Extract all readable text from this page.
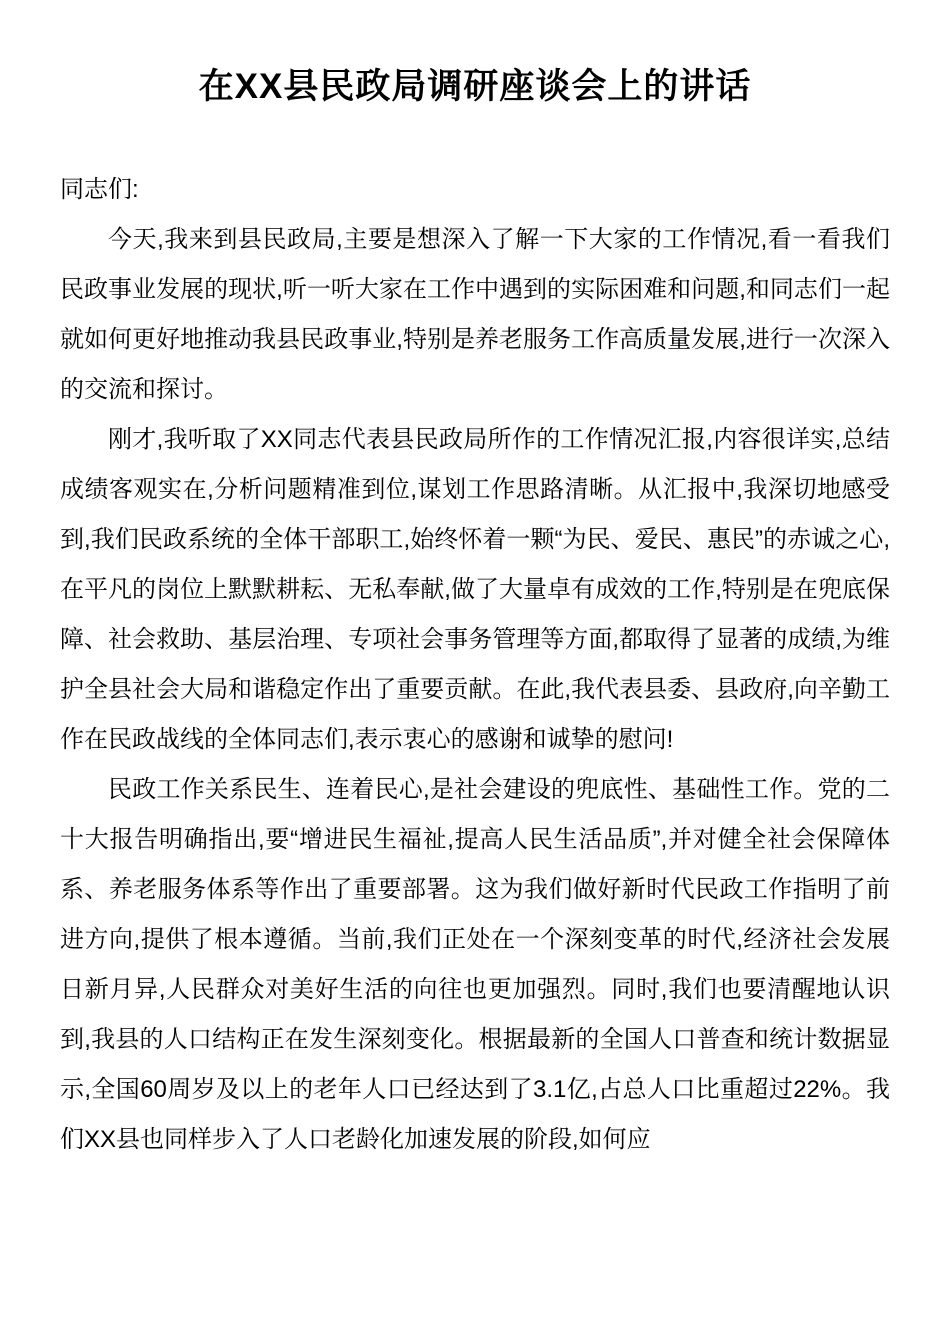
在XX县民政局调研座谈会上的讲话

同志们:

今天,我来到县民政局,主要是想深入了解一下大家的工作情况,看一看我们民政事业发展的现状,听一听大家在工作中遇到的实际困难和问题,和同志们一起就如何更好地推动我县民政事业,特别是养老服务工作高质量发展,进行一次深入的交流和探讨。

刚才,我听取了XX同志代表县民政局所作的工作情况汇报,内容很详实,总结成绩客观实在,分析问题精准到位,谋划工作思路清晰。从汇报中,我深切地感受到,我们民政系统的全体干部职工,始终怀着一颗“为民、爱民、惠民”的赤诚之心,在平凡的岗位上默默耕耘、无私奉献,做了大量卓有成效的工作,特别是在兜底保障、社会救助、基层治理、专项社会事务管理等方面,都取得了显著的成绩,为维护全县社会大局和谐稳定作出了重要贡献。在此,我代表县委、县政府,向辛勤工作在民政战线的全体同志们,表示衷心的感谢和诚挚的慰问!

民政工作关系民生、连着民心,是社会建设的兜底性、基础性工作。党的二十大报告明确指出,要“增进民生福祉,提高人民生活品质”,并对健全社会保障体系、养老服务体系等作出了重要部署。这为我们做好新时代民政工作指明了前进方向,提供了根本遵循。当前,我们正处在一个深刻变革的时代,经济社会发展日新月异,人民群众对美好生活的向往也更加强烈。同时,我们也要清醒地认识到,我县的人口结构正在发生深刻变化。根据最新的全国人口普查和统计数据显示,全国60周岁及以上的老年人口已经达到了3.1亿,占总人口比重超过22%。我们XX县也同样步入了人口老龄化加速发展的阶段,如何应
